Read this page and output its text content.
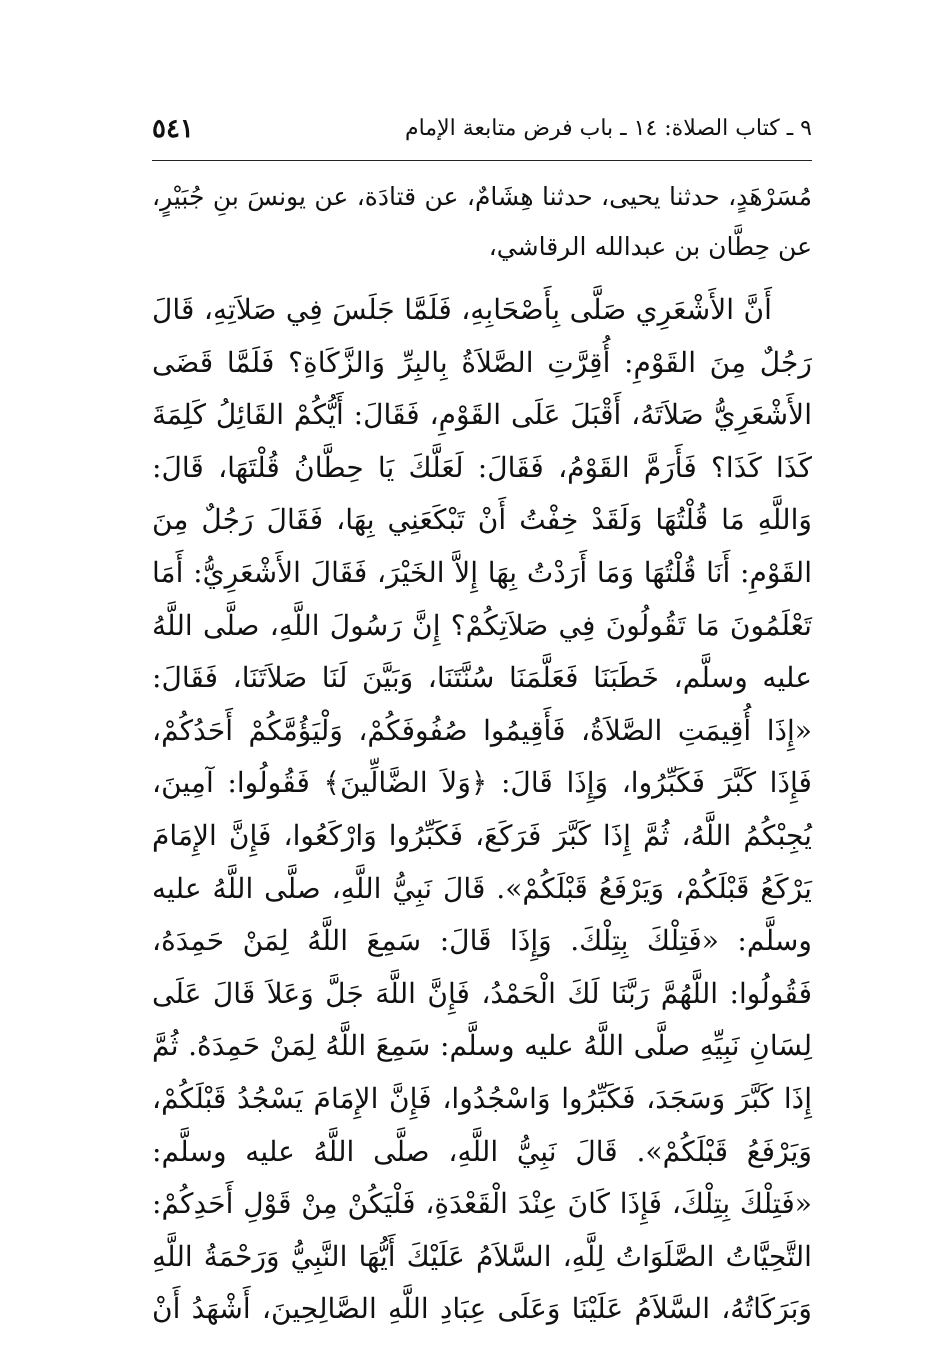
٩ ـ كتاب الصلاة: ١٤ ـ باب فرض متابعة الإمام
٥٤١
مُسَرْهَدٍ، حدثنا يحيى، حدثنا هِشَامٌ، عن قتادَة، عن يونسَ بنِ جُبَيْرٍ، عن حِطَّان بن عبدالله الرقاشي،
أَنَّ الأَشْعَرِي صَلَّى بِأَصْحَابِهِ، فَلَمَّا جَلَسَ فِي صَلاَتِهِ، قَالَ رَجُلٌ مِنَ القَوْمِ: أُقِرَّتِ الصَّلاَةُ بِالبِرِّ وَالزَّكَاةِ؟ فَلَمَّا قَضَى الأَشْعَرِيُّ صَلاَتَهُ، أَقْبَلَ عَلَى القَوْمِ، فَقَالَ: أَيُّكُمْ القَائِلُ كَلِمَةَ كَذَا كَذَا؟ فَأَرَمَّ القَوْمُ، فَقَالَ: لَعَلَّكَ يَا حِطَّانُ قُلْتَهَا، قَالَ: وَاللَّهِ مَا قُلْتُهَا وَلَقَدْ خِفْتُ أَنْ تَبْكَعَنِي بِهَا، فَقَالَ رَجُلٌ مِنَ القَوْمِ: أَنَا قُلْتُهَا وَمَا أَرَدْتُ بِهَا إِلاَّ الخَيْرَ، فَقَالَ الأَشْعَرِيُّ: أَمَا تَعْلَمُونَ مَا تَقُولُونَ فِي صَلاَتِكُمْ؟ إِنَّ رَسُولَ اللَّهِ، صلَّى اللَّهُ عليه وسلَّم، خَطَبَنَا فَعَلَّمَنَا سُنَّتَنَا، وَبَيَّنَ لَنَا صَلاَتَنَا، فَقَالَ: «إِذَا أُقِيمَتِ الصَّلاَةُ، فَأَقِيمُوا صُفُوفَكُمْ، وَلْيَؤُمَّكُمْ أَحَدُكُمْ، فَإِذَا كَبَّرَ فَكَبِّرُوا، وَإِذَا قَالَ: ﴿وَلاَ الضَّالِّينَ﴾ فَقُولُوا: آمِينَ، يُجِبْكُمُ اللَّهُ، ثُمَّ إِذَا كَبَّرَ فَرَكَعَ، فَكَبِّرُوا وَارْكَعُوا، فَإِنَّ الإِمَامَ يَرْكَعُ قَبْلَكُمْ، وَيَرْفَعُ قَبْلَكُمْ». قَالَ نَبِيُّ اللَّهِ، صلَّى اللَّهُ عليه وسلَّم: «فَتِلْكَ بِتِلْكَ. وَإِذَا قَالَ: سَمِعَ اللَّهُ لِمَنْ حَمِدَهُ، فَقُولُوا: اللَّهُمَّ رَبَّنَا لَكَ الْحَمْدُ، فَإِنَّ اللَّهَ جَلَّ وَعَلاَ قَالَ عَلَى لِسَانِ نَبِيِّهِ صلَّى اللَّهُ عليه وسلَّم: سَمِعَ اللَّهُ لِمَنْ حَمِدَهُ. ثُمَّ إِذَا كَبَّرَ وَسَجَدَ، فَكَبِّرُوا وَاسْجُدُوا، فَإِنَّ الإِمَامَ يَسْجُدُ قَبْلَكُمْ، وَيَرْفَعُ قَبْلَكُمْ». قَالَ نَبِيُّ اللَّهِ، صلَّى اللَّهُ عليه وسلَّم: «فَتِلْكَ بِتِلْكَ، فَإِذَا كَانَ عِنْدَ الْقَعْدَةِ، فَلْيَكُنْ مِنْ قَوْلِ أَحَدِكُمْ: التَّحِيَّاتُ الصَّلَوَاتُ لِلَّهِ، السَّلاَمُ عَلَيْكَ أَيُّهَا النَّبِيُّ وَرَحْمَةُ اللَّهِ وَبَرَكَاتُهُ، السَّلاَمُ عَلَيْنَا وَعَلَى عِبَادِ اللَّهِ الصَّالِحِينَ، أَشْهَدُ أَنْ
